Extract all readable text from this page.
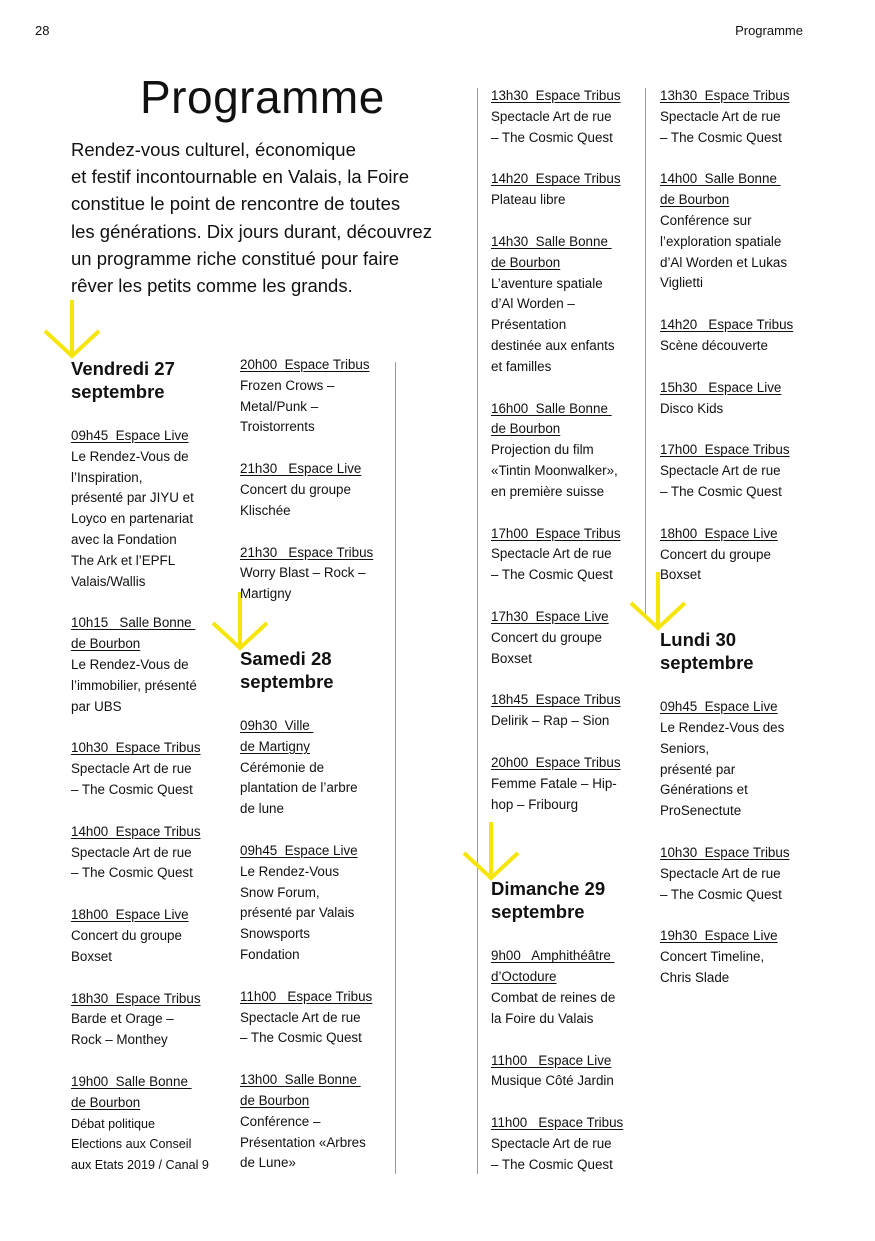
28	Programme
Programme

Rendez-vous culturel, économique
et festif incontournable en Valais, la Foire
constitue le point de rencontre de toutes
les générations. Dix jours durant, découvrez
un programme riche constitué pour faire
rêver les petits comme les grands.

Vendredi 27
septembre
09h45  Espace Live
Le Rendez-Vous de
l’Inspiration,
présenté par JIYU et
Loyco en partenariat
avec la Fondation
The Ark et l’EPFL
Valais/Wallis
10h15   Salle Bonne
de Bourbon
Le Rendez-Vous de
l’immobilier, présenté
par UBS
10h30  Espace Tribus
Spectacle Art de rue
– The Cosmic Quest
14h00  Espace Tribus
Spectacle Art de rue
– The Cosmic Quest
18h00  Espace Live
Concert du groupe
Boxset
18h30  Espace Tribus
Barde et Orage –
Rock – Monthey
19h00  Salle Bonne
de Bourbon
Débat politique
Elections aux Conseil
aux Etats 2019 / Canal 9
20h00  Espace Tribus
Frozen Crows –
Metal/Punk –
Troistorrents
21h30   Espace Live
Concert du groupe
Klischée
21h30   Espace Tribus
Worry Blast – Rock –
Martigny
Samedi 28
septembre
09h30  Ville
de Martigny
Cérémonie de
plantation de l’arbre
de lune
09h45  Espace Live
Le Rendez-Vous
Snow Forum,
présenté par Valais
Snowsports
Fondation
11h00   Espace Tribus
Spectacle Art de rue
– The Cosmic Quest
13h00  Salle Bonne
de Bourbon
Conférence –
Présentation «Arbres
de Lune»
13h30  Espace Tribus
Spectacle Art de rue
– The Cosmic Quest
14h20  Espace Tribus
Plateau libre
14h30  Salle Bonne
de Bourbon
L’aventure spatiale
d’Al Worden –
Présentation
destinée aux enfants
et familles
16h00  Salle Bonne
de Bourbon
Projection du film
«Tintin Moonwalker»,
en première suisse
17h00  Espace Tribus
Spectacle Art de rue
– The Cosmic Quest
17h30  Espace Live
Concert du groupe
Boxset
18h45  Espace Tribus
Delirik – Rap – Sion
20h00  Espace Tribus
Femme Fatale – Hip-
hop – Fribourg
Dimanche 29
septembre
9h00   Amphithéâtre
d’Octodure
Combat de reines de
la Foire du Valais
11h00   Espace Live
Musique Côté Jardin
11h00   Espace Tribus
Spectacle Art de rue
– The Cosmic Quest
13h30  Espace Tribus
Spectacle Art de rue
– The Cosmic Quest
14h00  Salle Bonne
de Bourbon
Conférence sur
l’exploration spatiale
d’Al Worden et Lukas
Viglietti
14h20   Espace Tribus
Scène découverte
15h30   Espace Live
Disco Kids
17h00  Espace Tribus
Spectacle Art de rue
– The Cosmic Quest
18h00  Espace Live
Concert du groupe
Boxset
Lundi 30
septembre
09h45  Espace Live
Le Rendez-Vous des
Seniors,
présenté par
Générations et
ProSenectute
10h30  Espace Tribus
Spectacle Art de rue
– The Cosmic Quest
19h30  Espace Live
Concert Timeline,
Chris Slade
